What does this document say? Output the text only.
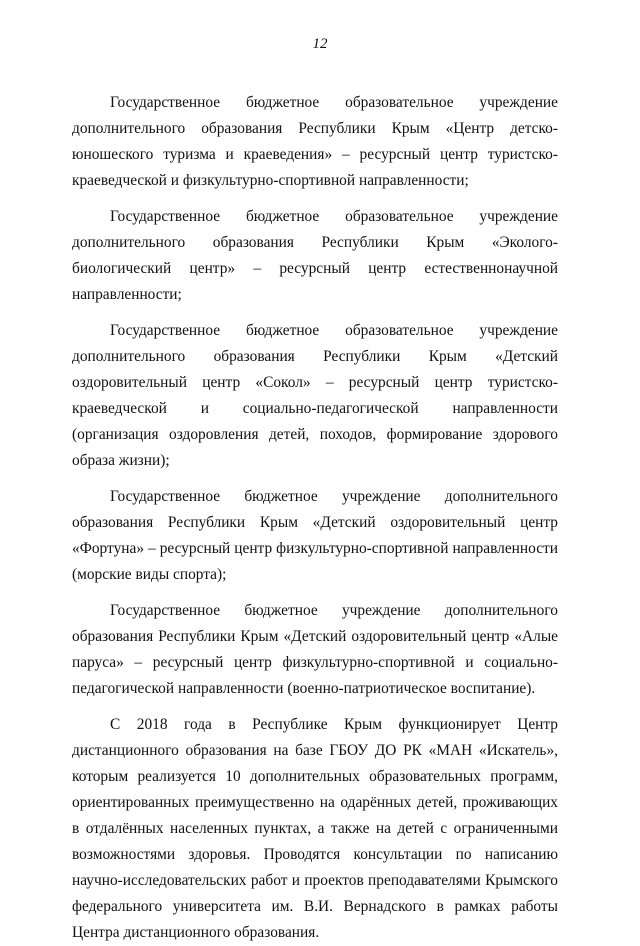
12

Государственное бюджетное образовательное учреждение дополнительного образования Республики Крым «Центр детско-юношеского туризма и краеведения» – ресурсный центр туристско-краеведческой и физкультурно-спортивной направленности;

Государственное бюджетное образовательное учреждение дополнительного образования Республики Крым «Эколого-биологический центр» – ресурсный центр естественнонаучной направленности;

Государственное бюджетное образовательное учреждение дополнительного образования Республики Крым «Детский оздоровительный центр «Сокол» – ресурсный центр туристско-краеведческой и социально-педагогической направленности (организация оздоровления детей, походов, формирование здорового образа жизни);

Государственное бюджетное учреждение дополнительного образования Республики Крым «Детский оздоровительный центр «Фортуна» – ресурсный центр физкультурно-спортивной направленности (морские виды спорта);

Государственное бюджетное учреждение дополнительного образования Республики Крым «Детский оздоровительный центр «Алые паруса» – ресурсный центр физкультурно-спортивной и социально-педагогической направленности (военно-патриотическое воспитание).

С 2018 года в Республике Крым функционирует Центр дистанционного образования на базе ГБОУ ДО РК «МАН «Искатель», которым реализуется 10 дополнительных образовательных программ, ориентированных преимущественно на одарённых детей, проживающих в отдалённых населенных пунктах, а также на детей с ограниченными возможностями здоровья. Проводятся консультации по написанию научно-исследовательских работ и проектов преподавателями Крымского федерального университета им. В.И. Вернадского в рамках работы Центра дистанционного образования.
